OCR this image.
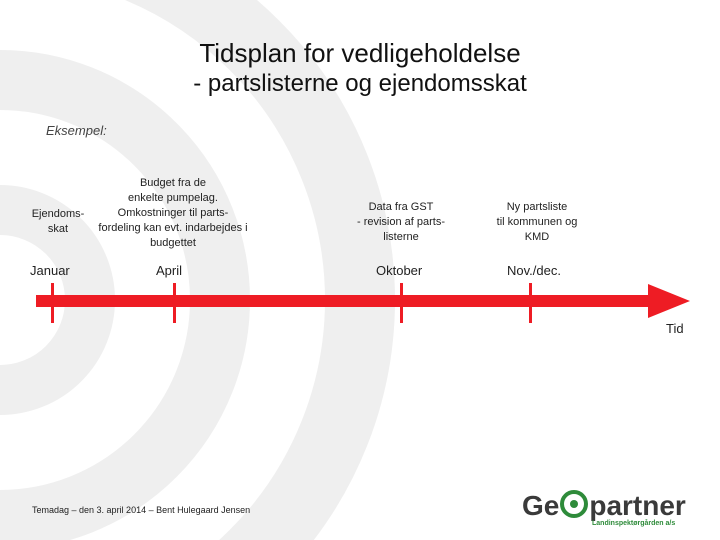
Tidsplan for vedligeholdelse
- partslisterne og ejendomsskat
Eksempel:
Ejendoms-
skat
Budget fra de
enkelte pumpelag.
Omkostninger til parts-
fordeling kan evt. indarbejdes i
budgettet
Data fra GST
- revision af parts-
listerne
Ny partsliste
til kommunen og
KMD
Januar	April	Oktober	Nov./dec.
Tid
Temadag – den 3. april 2014 – Bent Hulegaard Jensen	Ge partner
Landinspektørgården a/s
